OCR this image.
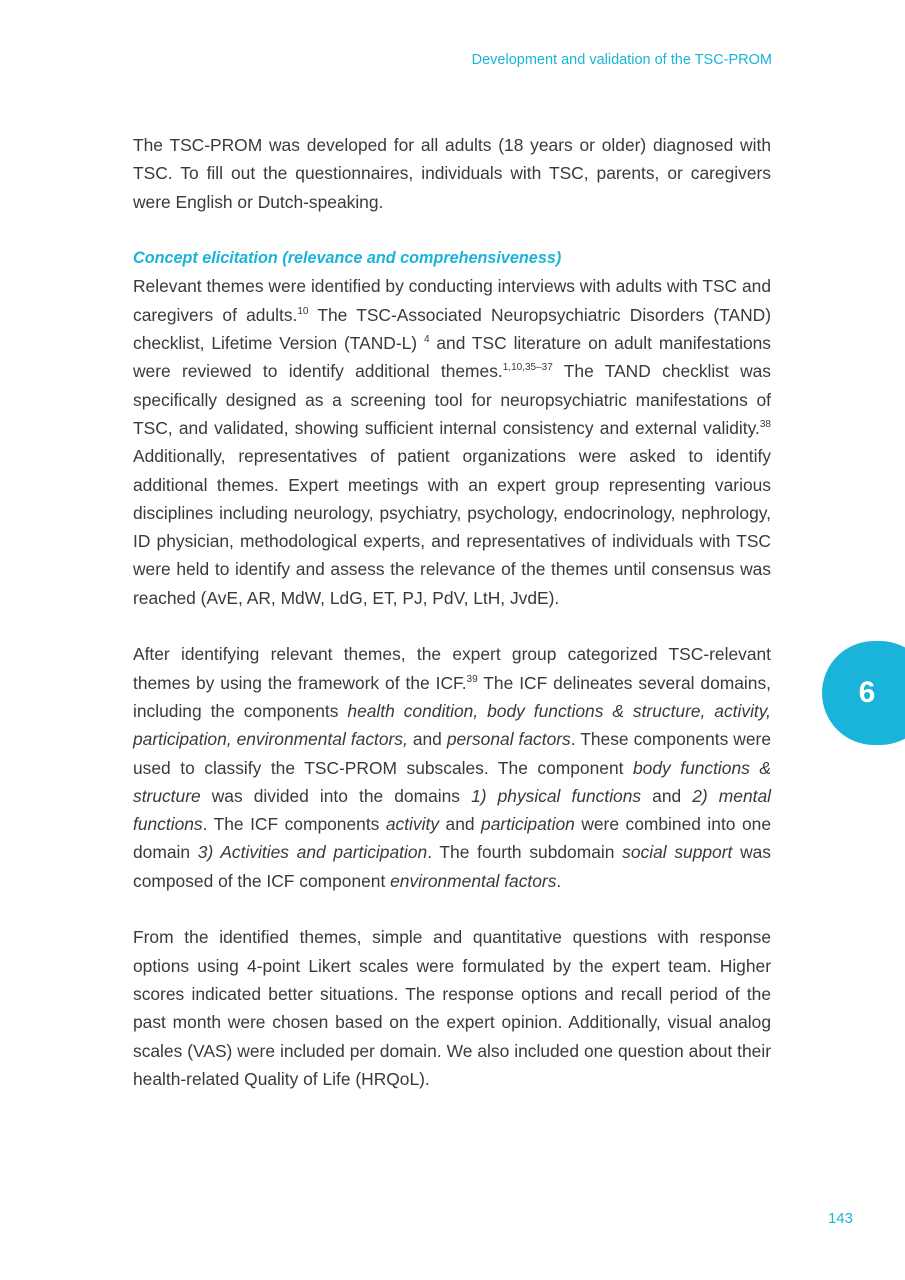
Development and validation of the TSC-PROM

The TSC-PROM was developed for all adults (18 years or older) diagnosed with TSC. To fill out the questionnaires, individuals with TSC, parents, or caregivers were English or Dutch-speaking.

Concept elicitation (relevance and comprehensiveness)

Relevant themes were identified by conducting interviews with adults with TSC and caregivers of adults.$^{10}$ The TSC-Associated Neuropsychiatric Disorders (TAND) checklist, Lifetime Version (TAND-L) $^4$ and TSC literature on adult manifestations were reviewed to identify additional themes.$^{1,10,35-37}$ The TAND checklist was specifically designed as a screening tool for neuropsychiatric manifestations of TSC, and validated, showing sufficient internal consistency and external validity.$^{38}$ Additionally, representatives of patient organizations were asked to identify additional themes. Expert meetings with an expert group representing various disciplines including neurology, psychiatry, psychology, endocrinology, nephrology, ID physician, methodological experts, and representatives of individuals with TSC were held to identify and assess the relevance of the themes until consensus was reached (AvE, AR, MdW, LdG, ET, PJ, PdV, LtH, JvdE).

After identifying relevant themes, the expert group categorized TSC-relevant themes by using the framework of the ICF.$^{39}$ The ICF delineates several domains, including the components health condition, body functions & structure, activity, participation, environmental factors, and personal factors. These components were used to classify the TSC-PROM subscales. The component body functions & structure was divided into the domains 1) physical functions and 2) mental functions. The ICF components activity and participation were combined into one domain 3) Activities and participation. The fourth subdomain social support was composed of the ICF component environmental factors.

From the identified themes, simple and quantitative questions with response options using 4-point Likert scales were formulated by the expert team. Higher scores indicated better situations. The response options and recall period of the past month were chosen based on the expert opinion. Additionally, visual analog scales (VAS) were included per domain. We also included one question about their health-related Quality of Life (HRQoL).

6
143
